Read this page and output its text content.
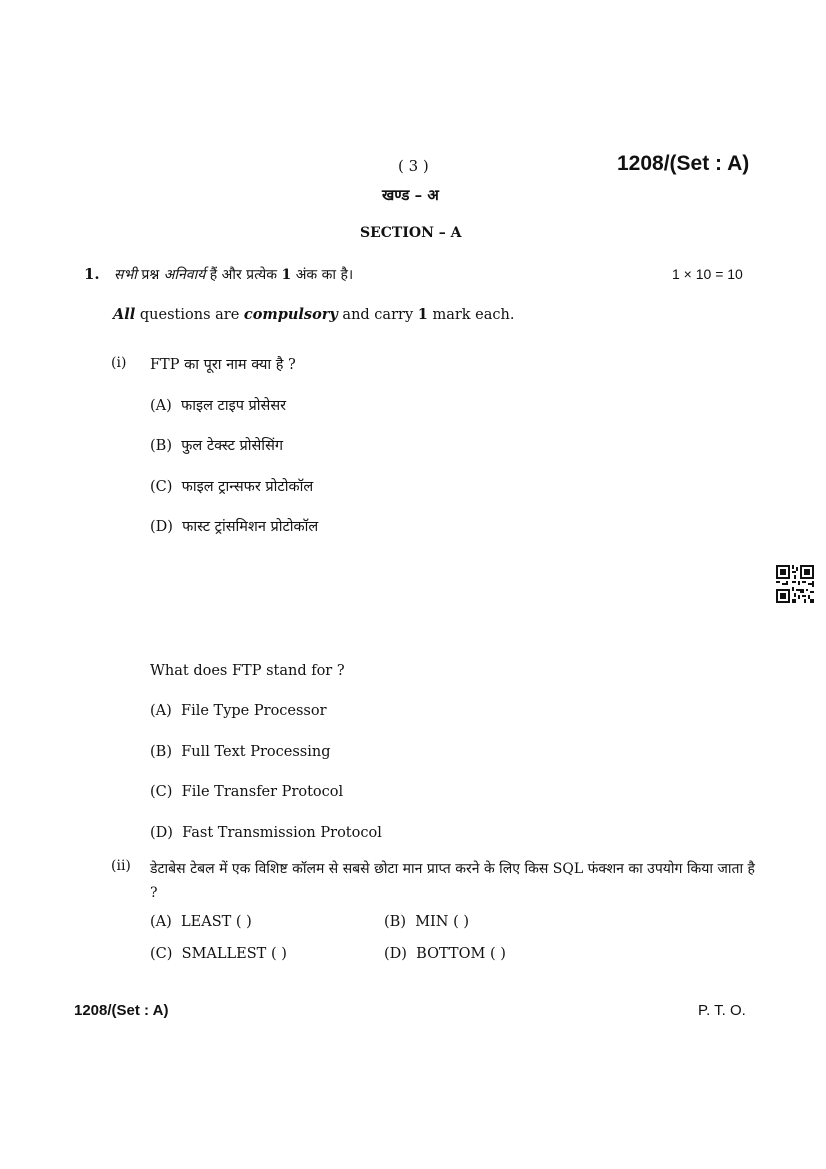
( 3 )	1208/(Set : A)
खण्ड – अ
SECTION – A
1. सभी प्रश्न अनिवार्य हैं और प्रत्येक 1 अंक का है।	1 × 10 = 10
All questions are compulsory and carry 1 mark each.
(i) FTP का पूरा नाम क्या है ?
(A) फाइल टाइप प्रोसेसर
(B) फुल टेक्स्ट प्रोसेसिंग
(C) फाइल ट्रान्सफर प्रोटोकॉल
(D) फास्ट ट्रांसमिशन प्रोटोकॉल
What does FTP stand for ?
(A) File Type Processor
(B) Full Text Processing
(C) File Transfer Protocol
(D) Fast Transmission Protocol
(ii) डेटाबेस टेबल में एक विशिष्ट कॉलम से सबसे छोटा मान प्राप्त करने के लिए किस SQL फंक्शन का उपयोग किया जाता है ?
(A) LEAST ( )	(B) MIN ( )
(C) SMALLEST ( )	(D) BOTTOM ( )
1208/(Set : A)	P. T. O.
